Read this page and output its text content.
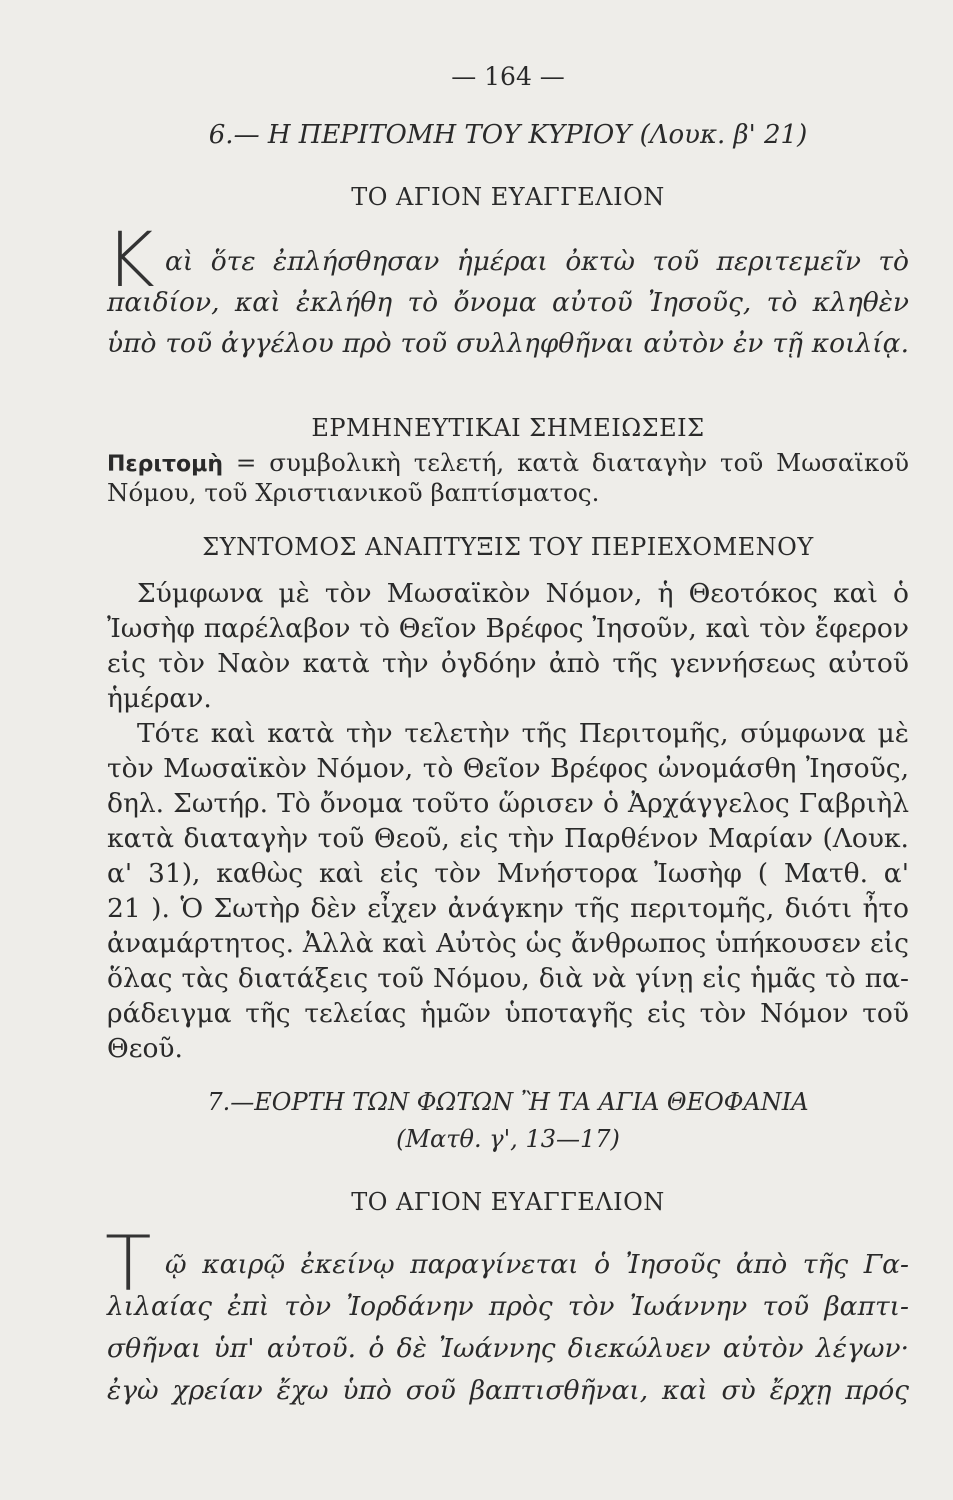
— 164 —
6.— Η ΠΕΡΙΤΟΜΗ ΤΟΥ ΚΥΡΙΟΥ (Λουκ. β' 21)
ΤΟ ΑΓΙΟΝ ΕΥΑΓΓΕΛΙΟΝ
Κ αὶ ὅτε ἐπλήσθησαν ἡμέραι ὀκτὼ τοῦ περιτεμεῖν τὸ
παιδίον, καὶ ἐκλήθη τὸ ὄνομα αὐτοῦ Ἰησοῦς, τὸ κληθὲν
ὑπὸ τοῦ ἀγγέλου πρὸ τοῦ συλληφθῆναι αὐτὸν ἐν τῇ κοιλίᾳ.
ΕΡΜΗΝΕΥΤΙΚΑΙ ΣΗΜΕΙΩΣΕΙΣ
Περιτομὴ = συμβολικὴ τελετή, κατὰ διαταγὴν τοῦ Μωσαϊκοῦ
Νόμου, τοῦ Χριστιανικοῦ βαπτίσματος.
ΣΥΝΤΟΜΟΣ ΑΝΑΠΤΥΞΙΣ ΤΟΥ ΠΕΡΙΕΧΟΜΕΝΟΥ
Σύμφωνα μὲ τὸν Μωσαϊκὸν Νόμον, ἡ Θεοτόκος καὶ ὁ
Ἰωσὴφ παρέλαβον τὸ Θεῖον Βρέφος Ἰησοῦν, καὶ τὸν ἔφερον
εἰς τὸν Ναὸν κατὰ τὴν ὀγδόην ἀπὸ τῆς γεννήσεως αὐτοῦ
ἡμέραν.
Τότε καὶ κατὰ τὴν τελετὴν τῆς Περιτομῆς, σύμφωνα μὲ
τὸν Μωσαϊκὸν Νόμον, τὸ Θεῖον Βρέφος ὠνομάσθη Ἰησοῦς,
δηλ. Σωτήρ. Τὸ ὄνομα τοῦτο ὥρισεν ὁ Ἀρχάγγελος Γαβριὴλ
κατὰ διαταγὴν τοῦ Θεοῦ, εἰς τὴν Παρθένον Μαρίαν (Λουκ.
α' 31), καθὼς καὶ εἰς τὸν Μνήστορα Ἰωσὴφ ( Ματθ. α'
21 ). Ὁ Σωτὴρ δὲν εἶχεν ἀνάγκην τῆς περιτομῆς, διότι ἦτο
ἀναμάρτητος. Ἀλλὰ καὶ Αὐτὸς ὡς ἄνθρωπος ὑπήκουσεν εἰς
ὅλας τὰς διατάξεις τοῦ Νόμου, διὰ νὰ γίνῃ εἰς ἡμᾶς τὸ πα-
ράδειγμα τῆς τελείας ἡμῶν ὑποταγῆς εἰς τὸν Νόμον τοῦ
Θεοῦ.
7.—ΕΟΡΤΗ ΤΩΝ ΦΩΤΩΝ Ἢ ΤΑ ΑΓΙΑ ΘΕΟΦΑΝΙΑ
(Ματθ. γ', 13—17)
ΤΟ ΑΓΙΟΝ ΕΥΑΓΓΕΛΙΟΝ
Τ ῷ καιρῷ ἐκείνῳ παραγίνεται ὁ Ἰησοῦς ἀπὸ τῆς Γα-
λιλαίας ἐπὶ τὸν Ἰορδάνην πρὸς τὸν Ἰωάννην τοῦ βαπτι-
σθῆναι ὑπ' αὐτοῦ. ὁ δὲ Ἰωάννης διεκώλυεν αὐτὸν λέγων·
ἐγὼ χρείαν ἔχω ὑπὸ σοῦ βαπτισθῆναι, καὶ σὺ ἔρχῃ πρός
